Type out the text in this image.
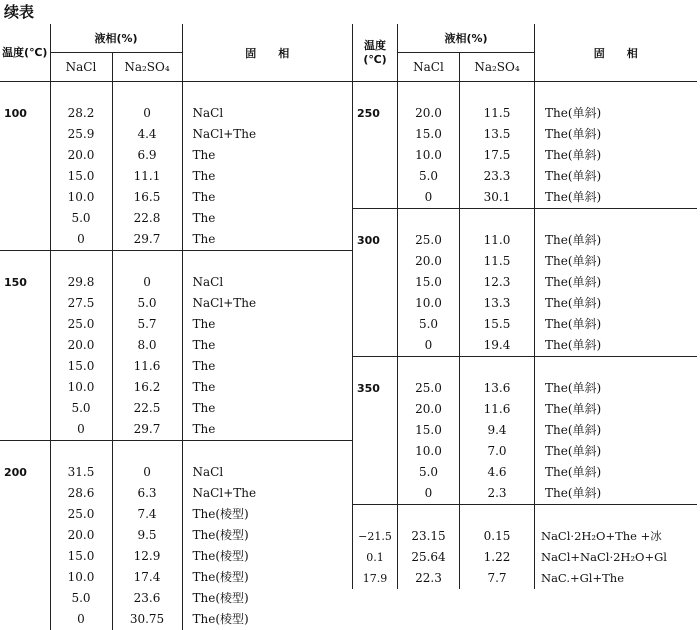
续表
温度(℃)	液相(%)		固　　相
	NaCl	Na₂SO₄	

100	28.2	0	NaCl
	25.9	4.4	NaCl+The
	20.0	6.9	The
	15.0	11.1	The
	10.0	16.5	The
	5.0	22.8	The
	0	29.7	The

150	29.8	0	NaCl
	27.5	5.0	NaCl+The
	25.0	5.7	The
	20.0	8.0	The
	15.0	11.6	The
	10.0	16.2	The
	5.0	22.5	The
	0	29.7	The

200	31.5	0	NaCl
	28.6	6.3	NaCl+The
	25.0	7.4	The(棱型)
	20.0	9.5	The(棱型)
	15.0	12.9	The(棱型)
	10.0	17.4	The(棱型)
	5.0	23.6	The(棱型)
	0	30.75	The(棱型)
温度(℃)	液相(%)		固　　相
	NaCl	Na₂SO₄	

250	20.0	11.5	The(单斜)
	15.0	13.5	The(单斜)
	10.0	17.5	The(单斜)
	5.0	23.3	The(单斜)
	0	30.1	The(单斜)

300	25.0	11.0	The(单斜)
	20.0	11.5	The(单斜)
	15.0	12.3	The(单斜)
	10.0	13.3	The(单斜)
	5.0	15.5	The(单斜)
	0	19.4	The(单斜)

350	25.0	13.6	The(单斜)
	20.0	11.6	The(单斜)
	15.0	9.4	The(单斜)
	10.0	7.0	The(单斜)
	5.0	4.6	The(单斜)
	0	2.3	The(单斜)

−21.5	23.15	0.15	NaCl·2H₂O+The +冰
0.1	25.64	1.22	NaCl+NaCl·2H₂O+Gl
17.9	22.3	7.7	NaC.+Gl+The
